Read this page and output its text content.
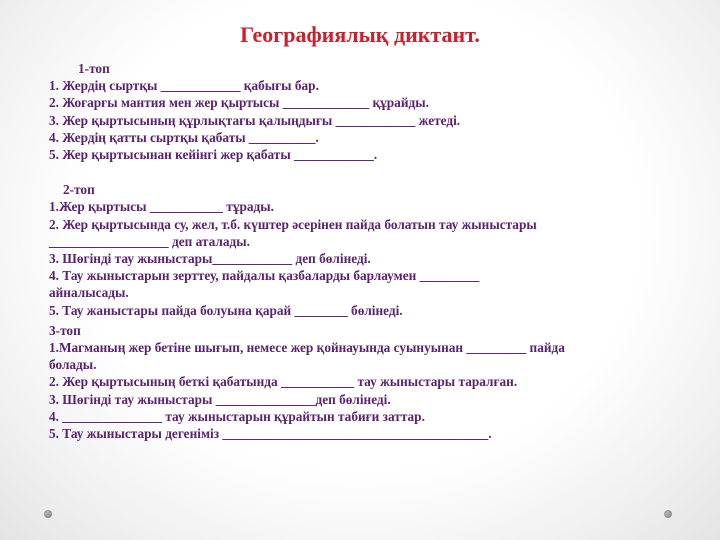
Географиялық диктант.

1-топ

1. Жердің сыртқы ____________ қабығы бар.

2. Жоғарғы мантия мен жер қыртысы _____________ құрайды.

3. Жер қыртысының құрлықтағы қалыңдығы ____________ жетеді.

4. Жердің қатты сыртқы қабаты __________.

5. Жер қыртысынан кейінгі жер қабаты ____________.

2-топ

1.Жер қыртысы ___________ тұрады.

2. Жер қыртысында су, жел, т.б. күштер әсерінен пайда болатын тау жыныстары

__________________ деп аталады.

3. Шөгінді тау жыныстары____________ деп бөлінеді.

4. Тау жыныстарын зерттеу, пайдалы қазбаларды барлаумен _________

айналысады.

5. Тау жаныстары пайда болуына қарай ________ бөлінеді.

3-топ

1.Магманың жер бетіне шығып, немесе жер қойнауында суынуынан _________ пайда

болады.

2. Жер қыртысының беткі қабатында ___________ тау жыныстары таралған.

3. Шөгінді тау жыныстары _______________деп бөлінеді.

4. _______________ тау жыныстарын құрайтын табиғи заттар.

5. Тау жыныстары дегеніміз ________________________________________.
